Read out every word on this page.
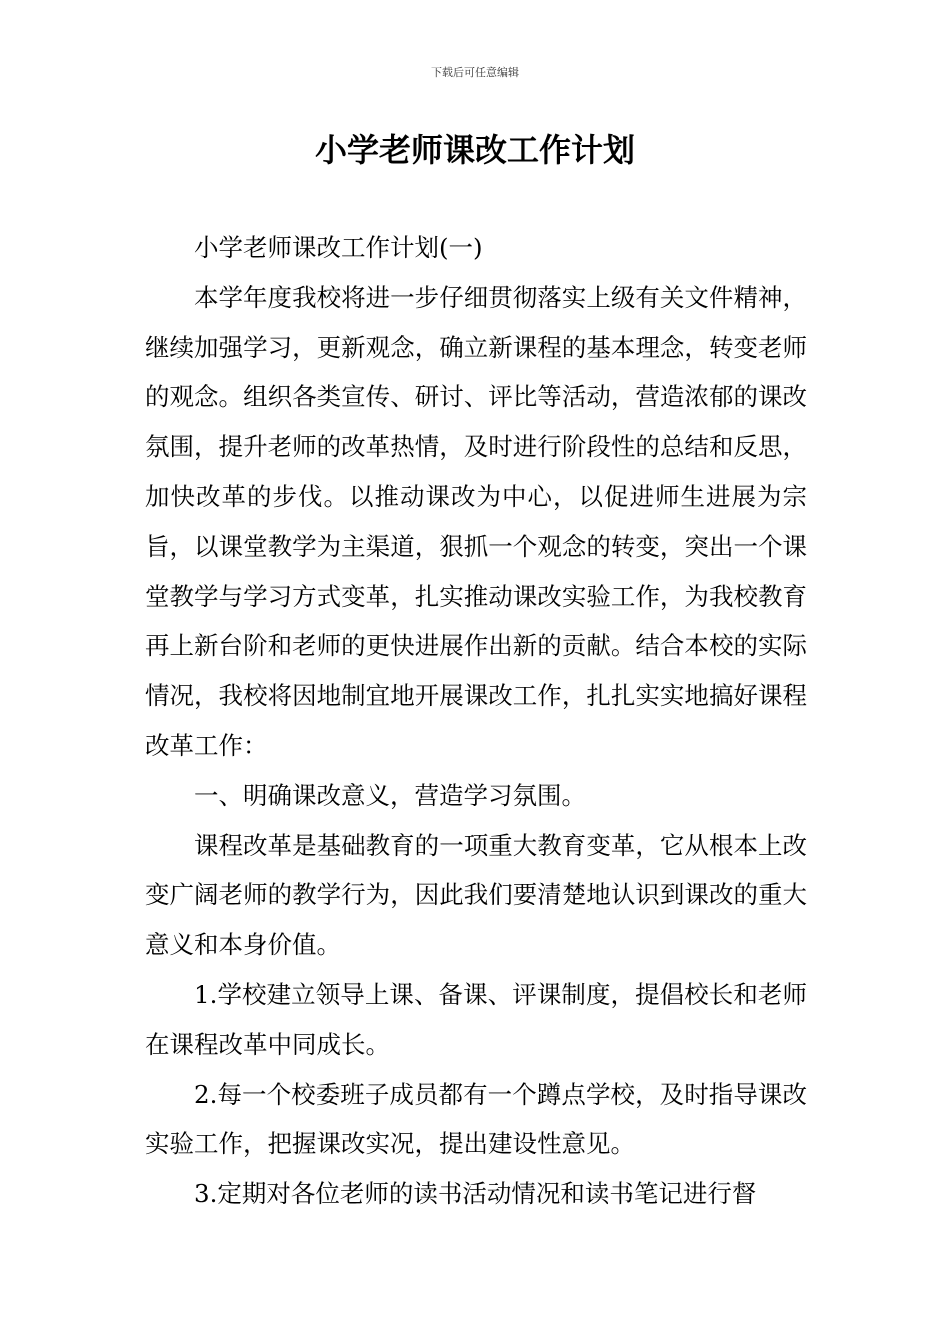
下载后可任意编辑
小学老师课改工作计划

小学老师课改工作计划(一)

本学年度我校将进一步仔细贯彻落实上级有关文件精神，继续加强学习，更新观念，确立新课程的基本理念，转变老师的观念。组织各类宣传、研讨、评比等活动，营造浓郁的课改氛围，提升老师的改革热情，及时进行阶段性的总结和反思，加快改革的步伐。以推动课改为中心，以促进师生进展为宗旨，以课堂教学为主渠道，狠抓一个观念的转变，突出一个课堂教学与学习方式变革，扎实推动课改实验工作，为我校教育再上新台阶和老师的更快进展作出新的贡献。结合本校的实际情况，我校将因地制宜地开展课改工作，扎扎实实地搞好课程改革工作：

一、明确课改意义，营造学习氛围。

课程改革是基础教育的一项重大教育变革，它从根本上改变广阔老师的教学行为，因此我们要清楚地认识到课改的重大意义和本身价值。

1.学校建立领导上课、备课、评课制度，提倡校长和老师在课程改革中同成长。

2.每一个校委班子成员都有一个蹲点学校，及时指导课改实验工作，把握课改实况，提出建设性意见。

3.定期对各位老师的读书活动情况和读书笔记进行督
